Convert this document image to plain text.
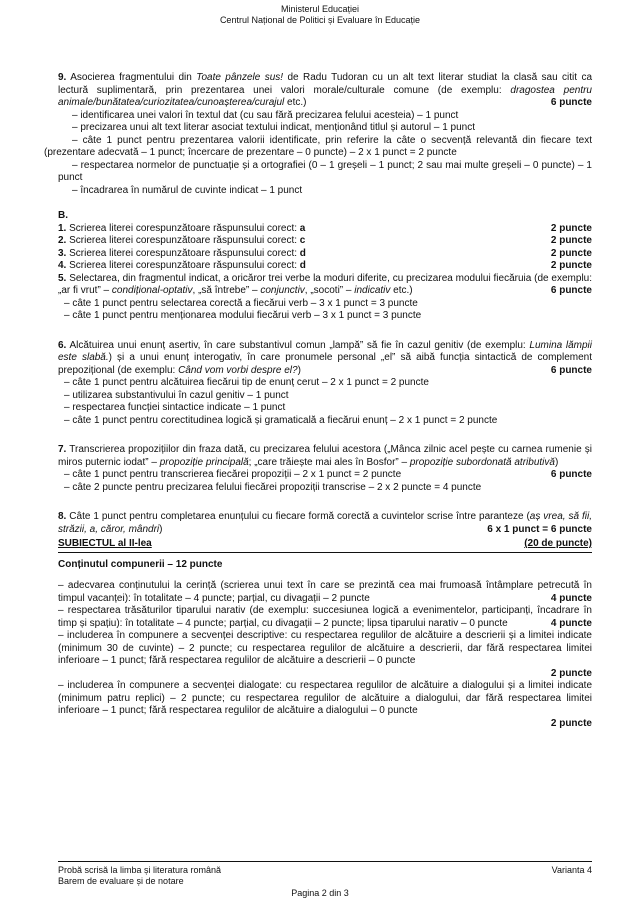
Ministerul Educației
Centrul Național de Politici și Evaluare în Educație

9. Asocierea fragmentului din Toate pânzele sus! de Radu Tudoran cu un alt text literar studiat la clasă sau citit ca lectură suplimentară, prin prezentarea unei valori morale/culturale comune (de exemplu: dragostea pentru animale/bunătatea/curiozitatea/cunoașterea/curajul etc.)	6 puncte

– identificarea unei valori în textul dat (cu sau fără precizarea felului acesteia) – 1 punct

– precizarea unui alt text literar asociat textului indicat, menționând titlul și autorul – 1 punct

– câte 1 punct pentru prezentarea valorii identificate, prin referire la câte o secvență relevantă din fiecare text (prezentare adecvată – 1 punct; încercare de prezentare – 0 puncte) – 2 x 1 punct = 2 puncte

– respectarea normelor de punctuație și a ortografiei (0 – 1 greșeli – 1 punct; 2 sau mai multe greșeli – 0 puncte) – 1 punct

– încadrarea în numărul de cuvinte indicat – 1 punct

B.

1. Scrierea literei corespunzătoare răspunsului corect: a	2 puncte
2. Scrierea literei corespunzătoare răspunsului corect: c	2 puncte
3. Scrierea literei corespunzătoare răspunsului corect: d	2 puncte
4. Scrierea literei corespunzătoare răspunsului corect: d	2 puncte

5. Selectarea, din fragmentul indicat, a oricăror trei verbe la moduri diferite, cu precizarea modului fiecăruia (de exemplu: „ar fi vrut” – condițional-optativ, „să întrebe” – conjunctiv, „socoti” – indicativ etc.)	6 puncte

– câte 1 punct pentru selectarea corectă a fiecărui verb – 3 x 1 punct = 3 puncte

– câte 1 punct pentru menționarea modului fiecărui verb – 3 x 1 punct = 3 puncte

6. Alcătuirea unui enunț asertiv, în care substantivul comun „lampă” să fie în cazul genitiv (de exemplu: Lumina lămpii este slabă.) și a unui enunț interogativ, în care pronumele personal „el” să aibă funcția sintactică de complement prepozițional (de exemplu: Când vom vorbi despre el?)	6 puncte

– câte 1 punct pentru alcătuirea fiecărui tip de enunț cerut – 2 x 1 punct = 2 puncte

– utilizarea substantivului în cazul genitiv – 1 punct

– respectarea funcției sintactice indicate – 1 punct

– câte 1 punct pentru corectitudinea logică și gramaticală a fiecărui enunț – 2 x 1 punct = 2 puncte

7. Transcrierea propozițiilor din fraza dată, cu precizarea felului acestora („Mânca zilnic acel pește cu carnea rumenie și miros puternic iodat” – propoziție principală; „care trăiește mai ales în Bosfor” – propoziție subordonată atributivă)
6 puncte

– câte 1 punct pentru transcrierea fiecărei propoziții – 2 x 1 punct = 2 puncte

– câte 2 puncte pentru precizarea felului fiecărei propoziții transcrise – 2 x 2 puncte = 4 puncte

8. Câte 1 punct pentru completarea enunțului cu fiecare formă corectă a cuvintelor scrise între paranteze (aș vrea, să fii, străzii, a, căror, mândri)	6 x 1 punct = 6 puncte

SUBIECTUL al II-lea	(20 de puncte)

Conținutul compunerii – 12 puncte

– adecvarea conținutului la cerință (scrierea unui text în care se prezintă cea mai frumoasă întâmplare petrecută în timpul vacanței): în totalitate – 4 puncte; parțial, cu divagații – 2 puncte	4 puncte

– respectarea trăsăturilor tiparului narativ (de exemplu: succesiunea logică a evenimentelor, participanți, încadrare în timp și spațiu): în totalitate – 4 puncte; parțial, cu divagații – 2 puncte; lipsa tiparului narativ – 0 puncte	4 puncte

– includerea în compunere a secvenței descriptive: cu respectarea regulilor de alcătuire a descrierii și a limitei indicate (minimum 30 de cuvinte) – 2 puncte; cu respectarea regulilor de alcătuire a descrierii, dar fără respectarea limitei inferioare – 1 punct; fără respectarea regulilor de alcătuire a descrierii – 0 puncte

2 puncte

– includerea în compunere a secvenței dialogate: cu respectarea regulilor de alcătuire a dialogului și a limitei indicate (minimum patru replici) – 2 puncte; cu respectarea regulilor de alcătuire a dialogului, dar fără respectarea limitei inferioare – 1 punct; fără respectarea regulilor de alcătuire a dialogului – 0 puncte

2 puncte

Probă scrisă la limba și literatura română	Varianta 4
Barem de evaluare și de notare
Pagina 2 din 3
